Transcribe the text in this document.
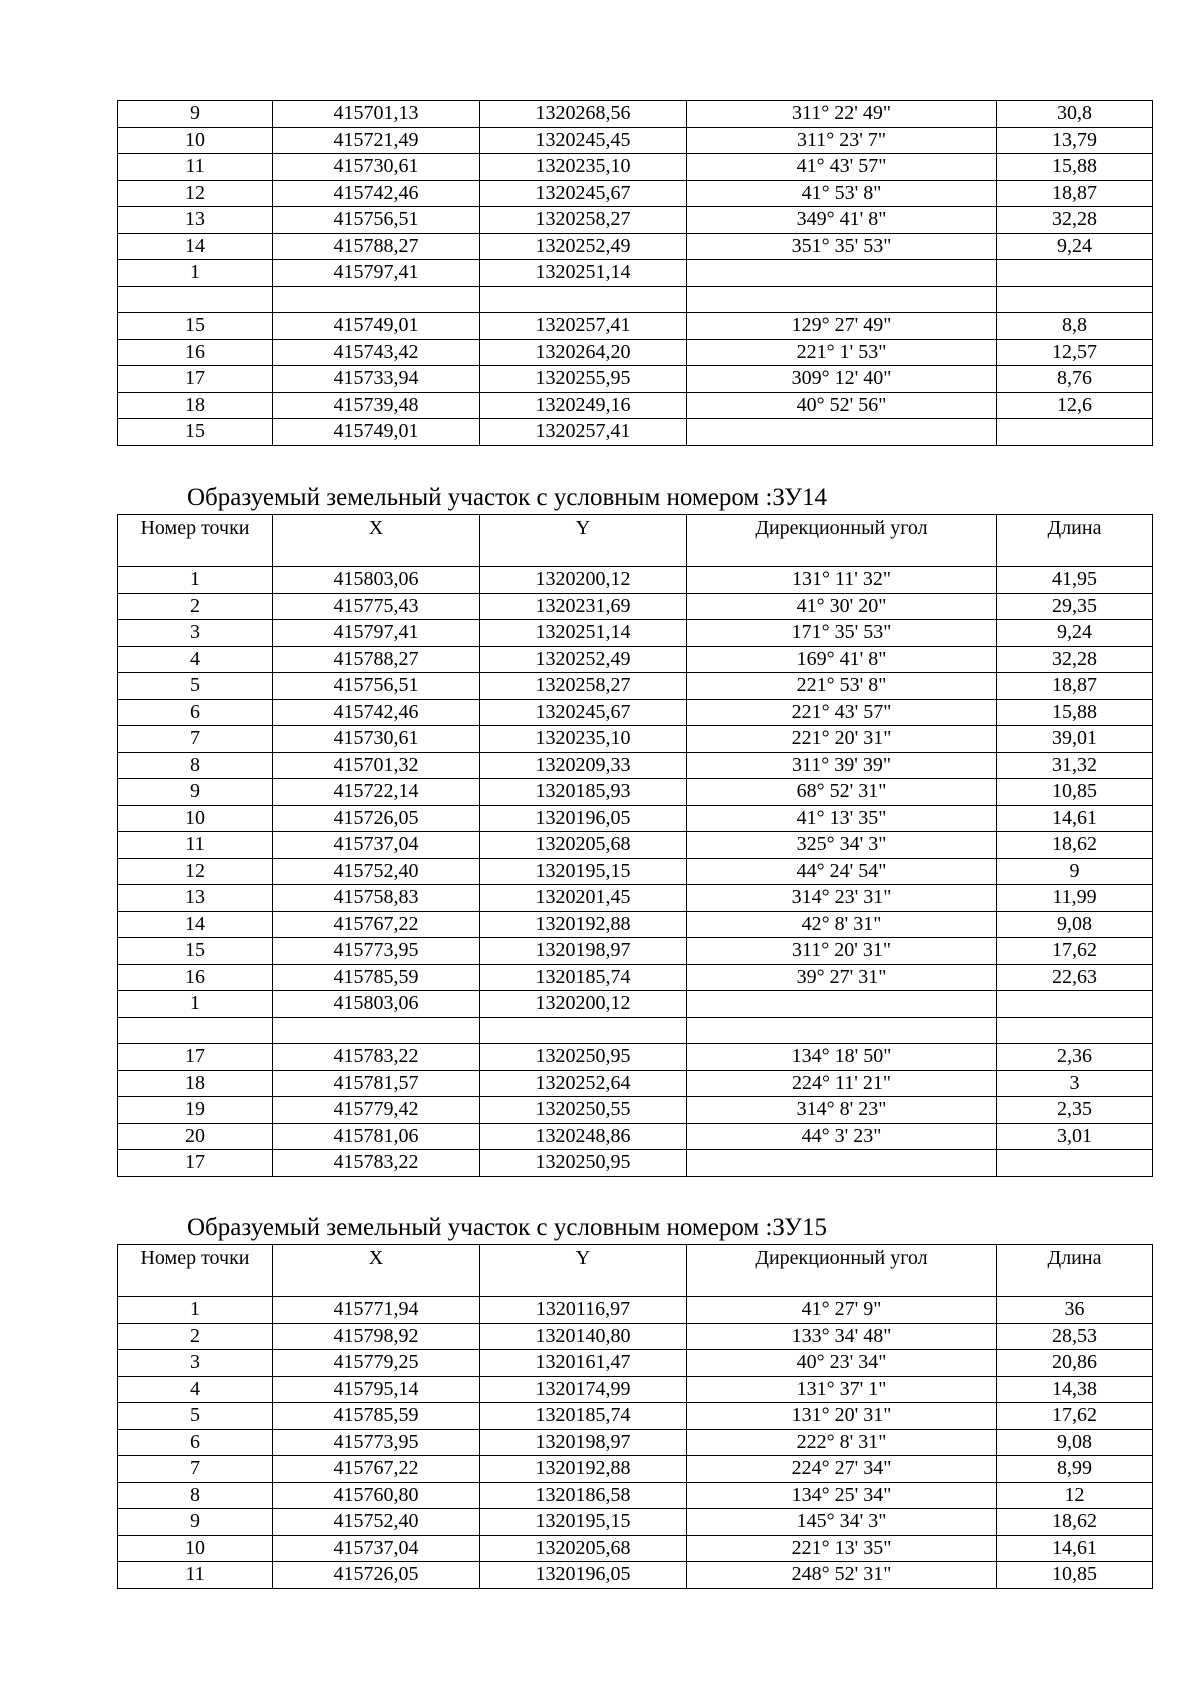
9	415701,13	1320268,56	311° 22' 49"	30,8
10	415721,49	1320245,45	311° 23' 7"	13,79
11	415730,61	1320235,10	41° 43' 57"	15,88
12	415742,46	1320245,67	41° 53' 8"	18,87
13	415756,51	1320258,27	349° 41' 8"	32,28
14	415788,27	1320252,49	351° 35' 53"	9,24
1	415797,41	1320251,14		

15	415749,01	1320257,41	129° 27' 49"	8,8
16	415743,42	1320264,20	221° 1' 53"	12,57
17	415733,94	1320255,95	309° 12' 40"	8,76
18	415739,48	1320249,16	40° 52' 56"	12,6
15	415749,01	1320257,41		
Образуемый земельный участок с условным номером :ЗУ14
Номер точки	X	Y	Дирекционный угол	Длина
1	415803,06	1320200,12	131° 11' 32"	41,95
2	415775,43	1320231,69	41° 30' 20"	29,35
3	415797,41	1320251,14	171° 35' 53"	9,24
4	415788,27	1320252,49	169° 41' 8"	32,28
5	415756,51	1320258,27	221° 53' 8"	18,87
6	415742,46	1320245,67	221° 43' 57"	15,88
7	415730,61	1320235,10	221° 20' 31"	39,01
8	415701,32	1320209,33	311° 39' 39"	31,32
9	415722,14	1320185,93	68° 52' 31"	10,85
10	415726,05	1320196,05	41° 13' 35"	14,61
11	415737,04	1320205,68	325° 34' 3"	18,62
12	415752,40	1320195,15	44° 24' 54"	9
13	415758,83	1320201,45	314° 23' 31"	11,99
14	415767,22	1320192,88	42° 8' 31"	9,08
15	415773,95	1320198,97	311° 20' 31"	17,62
16	415785,59	1320185,74	39° 27' 31"	22,63
1	415803,06	1320200,12		

17	415783,22	1320250,95	134° 18' 50"	2,36
18	415781,57	1320252,64	224° 11' 21"	3
19	415779,42	1320250,55	314° 8' 23"	2,35
20	415781,06	1320248,86	44° 3' 23"	3,01
17	415783,22	1320250,95		
Образуемый земельный участок с условным номером :ЗУ15
Номер точки	X	Y	Дирекционный угол	Длина
1	415771,94	1320116,97	41° 27' 9"	36
2	415798,92	1320140,80	133° 34' 48"	28,53
3	415779,25	1320161,47	40° 23' 34"	20,86
4	415795,14	1320174,99	131° 37' 1"	14,38
5	415785,59	1320185,74	131° 20' 31"	17,62
6	415773,95	1320198,97	222° 8' 31"	9,08
7	415767,22	1320192,88	224° 27' 34"	8,99
8	415760,80	1320186,58	134° 25' 34"	12
9	415752,40	1320195,15	145° 34' 3"	18,62
10	415737,04	1320205,68	221° 13' 35"	14,61
11	415726,05	1320196,05	248° 52' 31"	10,85
